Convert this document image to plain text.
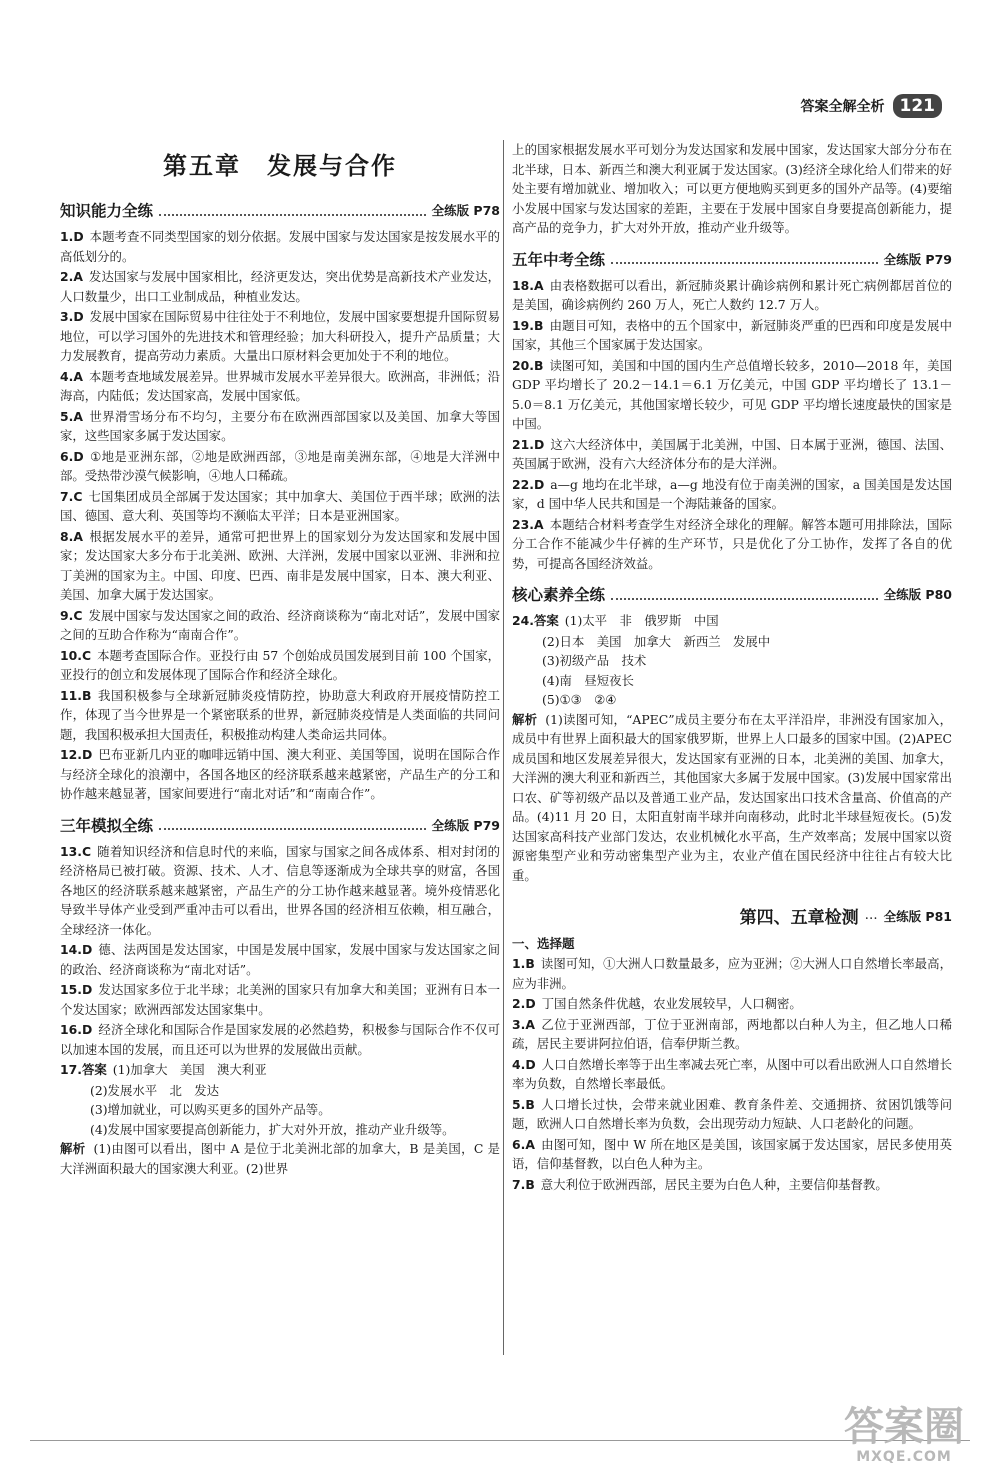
答案全解全析 121
第五章　发展与合作
知识能力全练	全练版 P78
1.D 本题考查不同类型国家的划分依据。发展中国家与发达国家是按发展水平的高低划分的。
2.A 发达国家与发展中国家相比，经济更发达，突出优势是高新技术产业发达，人口数量少，出口工业制成品，种植业发达。
3.D 发展中国家在国际贸易中往往处于不利地位，发展中国家要想提升国际贸易地位，可以学习国外的先进技术和管理经验；加大科研投入，提升产品质量；大力发展教育，提高劳动力素质。大量出口原材料会更加处于不利的地位。
4.A 本题考查地域发展差异。世界城市发展水平差异很大。欧洲高，非洲低；沿海高，内陆低；发达国家高，发展中国家低。
5.A 世界滑雪场分布不均匀，主要分布在欧洲西部国家以及美国、加拿大等国家，这些国家多属于发达国家。
6.D ①地是亚洲东部，②地是欧洲西部，③地是南美洲东部，④地是大洋洲中部。受热带沙漠气候影响，④地人口稀疏。
7.C 七国集团成员全部属于发达国家；其中加拿大、美国位于西半球；欧洲的法国、德国、意大利、英国等均不濒临太平洋；日本是亚洲国家。
8.A 根据发展水平的差异，通常可把世界上的国家划分为发达国家和发展中国家；发达国家大多分布于北美洲、欧洲、大洋洲，发展中国家以亚洲、非洲和拉丁美洲的国家为主。中国、印度、巴西、南非是发展中国家，日本、澳大利亚、美国、加拿大属于发达国家。
9.C 发展中国家与发达国家之间的政治、经济商谈称为“南北对话”，发展中国家之间的互助合作称为“南南合作”。
10.C 本题考查国际合作。亚投行由 57 个创始成员国发展到目前 100 个国家，亚投行的创立和发展体现了国际合作和经济全球化。
11.B 我国积极参与全球新冠肺炎疫情防控，协助意大利政府开展疫情防控工作，体现了当今世界是一个紧密联系的世界，新冠肺炎疫情是人类面临的共同问题，我国积极承担大国责任，积极推动构建人类命运共同体。
12.D 巴布亚新几内亚的咖啡远销中国、澳大利亚、美国等国，说明在国际合作与经济全球化的浪潮中，各国各地区的经济联系越来越紧密，产品生产的分工和协作越来越显著，国家间要进行“南北对话”和“南南合作”。
三年模拟全练	全练版 P79
13.C 随着知识经济和信息时代的来临，国家与国家之间各成体系、相对封闭的经济格局已被打破。资源、技术、人才、信息等逐渐成为全球共享的财富，各国各地区的经济联系越来越紧密，产品生产的分工协作越来越显著。境外疫情恶化导致半导体产业受到严重冲击可以看出，世界各国的经济相互依赖，相互融合，全球经济一体化。
14.D 德、法两国是发达国家，中国是发展中国家，发展中国家与发达国家之间的政治、经济商谈称为“南北对话”。
15.D 发达国家多位于北半球；北美洲的国家只有加拿大和美国；亚洲有日本一个发达国家；欧洲西部发达国家集中。
16.D 经济全球化和国际合作是国家发展的必然趋势，积极参与国际合作不仅可以加速本国的发展，而且还可以为世界的发展做出贡献。
17.答案 (1)加拿大　美国　澳大利亚
(2)发展水平　北　发达
(3)增加就业，可以购买更多的国外产品等。
(4)发展中国家要提高创新能力，扩大对外开放，推动产业升级等。
解析 (1)由图可以看出，图中 A 是位于北美洲北部的加拿大，B 是美国，C 是大洋洲面积最大的国家澳大利亚。(2)世界
上的国家根据发展水平可划分为发达国家和发展中国家，发达国家大部分分布在北半球，日本、新西兰和澳大利亚属于发达国家。(3)经济全球化给人们带来的好处主要有增加就业、增加收入；可以更方便地购买到更多的国外产品等。(4)要缩小发展中国家与发达国家的差距，主要在于发展中国家自身要提高创新能力，提高产品的竞争力，扩大对外开放，推动产业升级等。
五年中考全练	全练版 P79
18.A 由表格数据可以看出，新冠肺炎累计确诊病例和累计死亡病例都居首位的是美国，确诊病例约 260 万人，死亡人数约 12.7 万人。
19.B 由题目可知，表格中的五个国家中，新冠肺炎严重的巴西和印度是发展中国家，其他三个国家属于发达国家。
20.B 读图可知，美国和中国的国内生产总值增长较多，2010—2018 年，美国 GDP 平均增长了 20.2－14.1＝6.1 万亿美元，中国 GDP 平均增长了 13.1－5.0＝8.1 万亿美元，其他国家增长较少，可见 GDP 平均增长速度最快的国家是中国。
21.D 这六大经济体中，美国属于北美洲，中国、日本属于亚洲，德国、法国、英国属于欧洲，没有六大经济体分布的是大洋洲。
22.D a—g 地均在北半球，a—g 地没有位于南美洲的国家，a 国美国是发达国家，d 国中华人民共和国是一个海陆兼备的国家。
23.A 本题结合材料考查学生对经济全球化的理解。解答本题可用排除法，国际分工合作不能减少牛仔裤的生产环节，只是优化了分工协作，发挥了各自的优势，可提高各国经济效益。
核心素养全练	全练版 P80
24.答案 (1)太平　非　俄罗斯　中国
(2)日本　美国　加拿大　新西兰　发展中
(3)初级产品　技术
(4)南　昼短夜长
(5)①③　②④
解析 (1)读图可知，“APEC”成员主要分布在太平洋沿岸，非洲没有国家加入，成员中有世界上面积最大的国家俄罗斯，世界上人口最多的国家中国。(2)APEC 成员国和地区发展差异很大，发达国家有亚洲的日本，北美洲的美国、加拿大，大洋洲的澳大利亚和新西兰，其他国家大多属于发展中国家。(3)发展中国家常出口农、矿等初级产品以及普通工业产品，发达国家出口技术含量高、价值高的产品。(4)11 月 20 日，太阳直射南半球并向南移动，此时北半球昼短夜长。(5)发达国家高科技产业部门发达，农业机械化水平高，生产效率高；发展中国家以资源密集型产业和劳动密集型产业为主，农业产值在国民经济中往往占有较大比重。
第四、五章检测 … 全练版 P81
一、选择题
1.B 读图可知，①大洲人口数量最多，应为亚洲；②大洲人口自然增长率最高，应为非洲。
2.D 丁国自然条件优越，农业发展较早，人口稠密。
3.A 乙位于亚洲西部，丁位于亚洲南部，两地都以白种人为主，但乙地人口稀疏，居民主要讲阿拉伯语，信奉伊斯兰教。
4.D 人口自然增长率等于出生率减去死亡率，从图中可以看出欧洲人口自然增长率为负数，自然增长率最低。
5.B 人口增长过快，会带来就业困难、教育条件差、交通拥挤、贫困饥饿等问题，欧洲人口自然增长率为负数，会出现劳动力短缺、人口老龄化的问题。
6.A 由图可知，图中 W 所在地区是美国，该国家属于发达国家，居民多使用英语，信仰基督教，以白色人种为主。
7.B 意大利位于欧洲西部，居民主要为白色人种，主要信仰基督教。
答案圈
MXQE.COM
